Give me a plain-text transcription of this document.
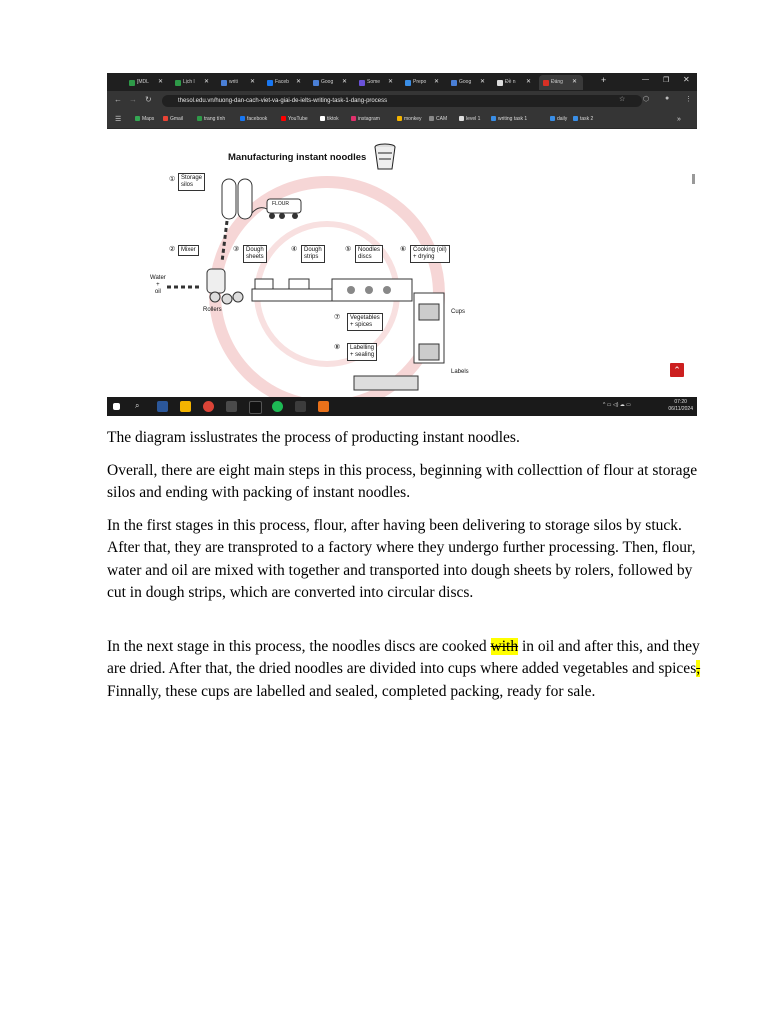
[MDL ✕	Lịch l ✕	writi ✕	Faceb ✕	Goog ✕	Some ✕	Prepo ✕	Goog ✕	Đề n ✕	Đáng ✕	+	— ❐ ✕
← → ↻	thesol.edu.vn/huong-dan-cach-viet-va-giai-de-ielts-writing-task-1-dang-process	☆	⬡ ● ⋮
☰	Maps	Gmail	trang tính	facebook	YouTube	tiktok	instagram	monkey	CAM	level 1	writing task 1	daily	task 2	»
Manufacturing instant noodles
① Storage
silos
FLOUR
② Mixer	③	Dough
sheets
④	Dough
strips
⑤	Noodles
discs
⑥	Cooking (oil)
+ drying
Water
+
oil
Rollers
⑦	Vegetables
+ spices
Cups
⑧	Labelling
+ sealing
Labels	⌃
⌕	^ ▭ ◁) ☁ ▭	07:20
06/11/2024
The diagram isslustrates the process of producting instant noodles.
Overall, there are eight main steps in this process, beginning with collecttion of flour at storage silos and ending with packing of instant noodles.
In the first stages in this process, flour, after having been delivering to storage silos by stuck. After that, they are transproted to a factory where they undergo further processing. Then, flour, water and oil are mixed with together and transported into dough sheets by rolers, followed by cut in dough strips, which are converted into circular discs.
In the next stage in this process, the noodles discs are cooked with in oil and after this, and they are dried. After that, the dried noodles are divided into cups where added vegetables and spices, Finnally, these cups are labelled and sealed, completed packing, ready for sale.
